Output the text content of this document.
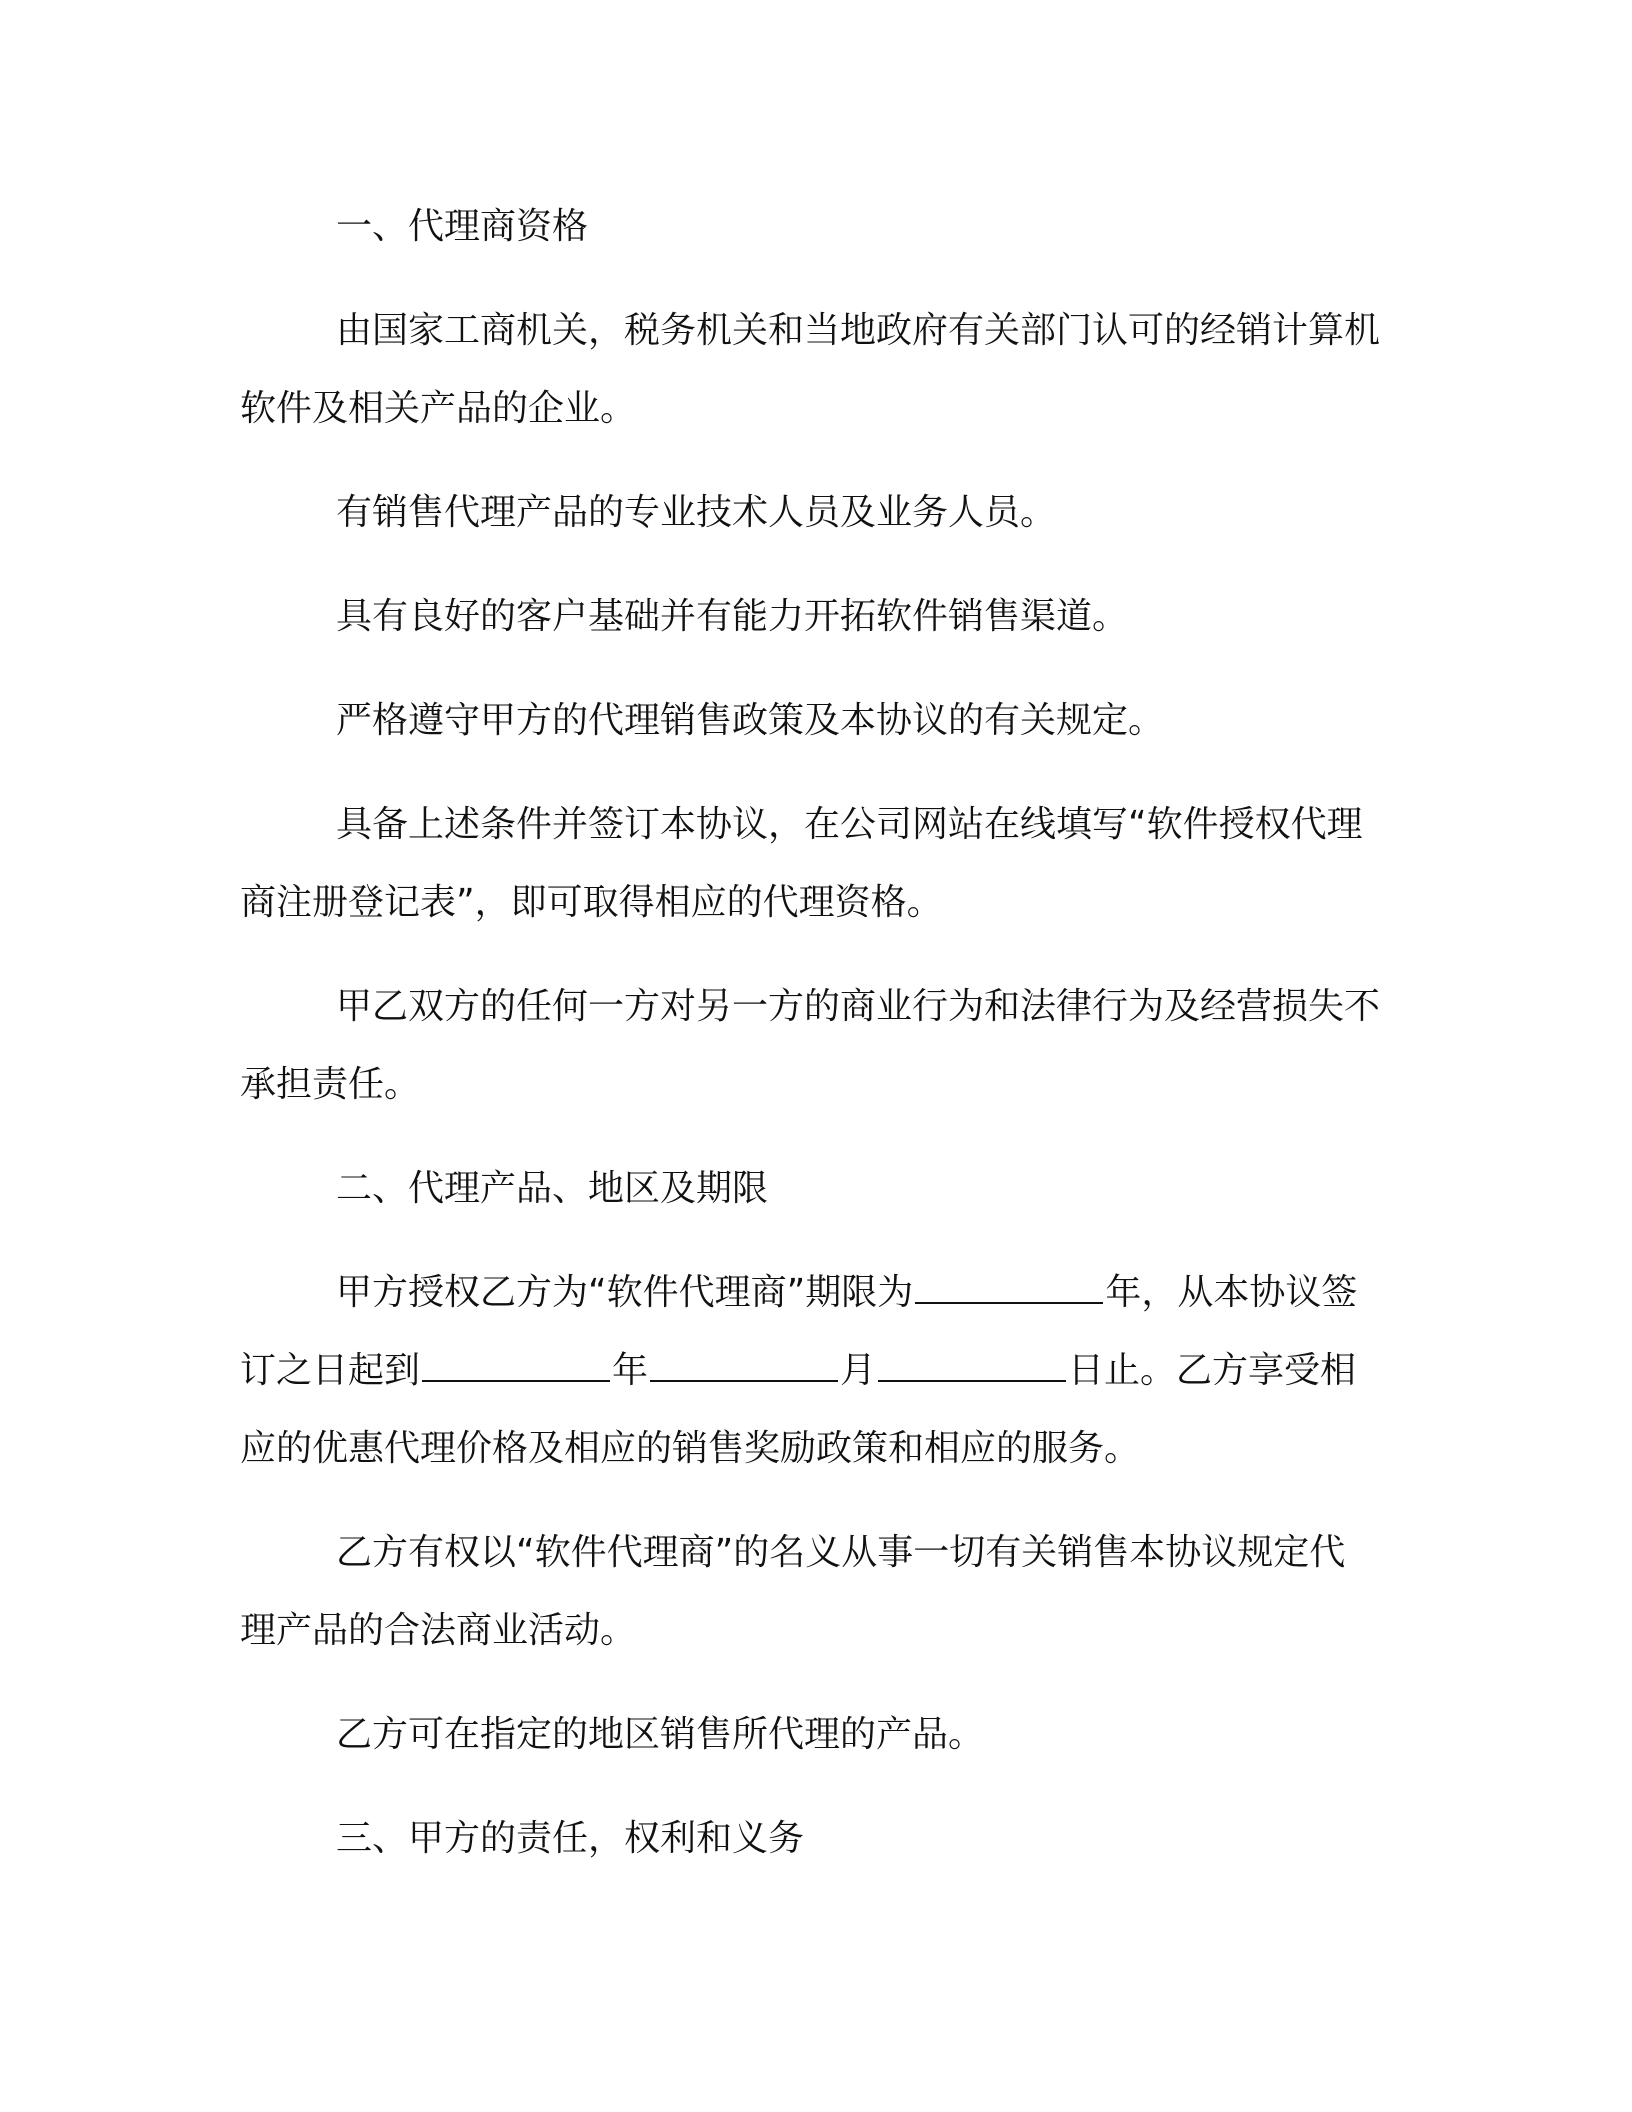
一、代理商资格

由国家工商机关，税务机关和当地政府有关部门认可的经销计算机软件及相关产品的企业。

有销售代理产品的专业技术人员及业务人员。

具有良好的客户基础并有能力开拓软件销售渠道。

严格遵守甲方的代理销售政策及本协议的有关规定。

具备上述条件并签订本协议，在公司网站在线填写“软件授权代理商注册登记表”，即可取得相应的代理资格。

甲乙双方的任何一方对另一方的商业行为和法律行为及经营损失不承担责任。

二、代理产品、地区及期限

甲方授权乙方为“软件代理商”期限为	年，从本协议签订之日起到	年	月	日止。乙方享受相应的优惠代理价格及相应的销售奖励政策和相应的服务。

乙方有权以“软件代理商”的名义从事一切有关销售本协议规定代理产品的合法商业活动。

乙方可在指定的地区销售所代理的产品。

三、甲方的责任，权利和义务
